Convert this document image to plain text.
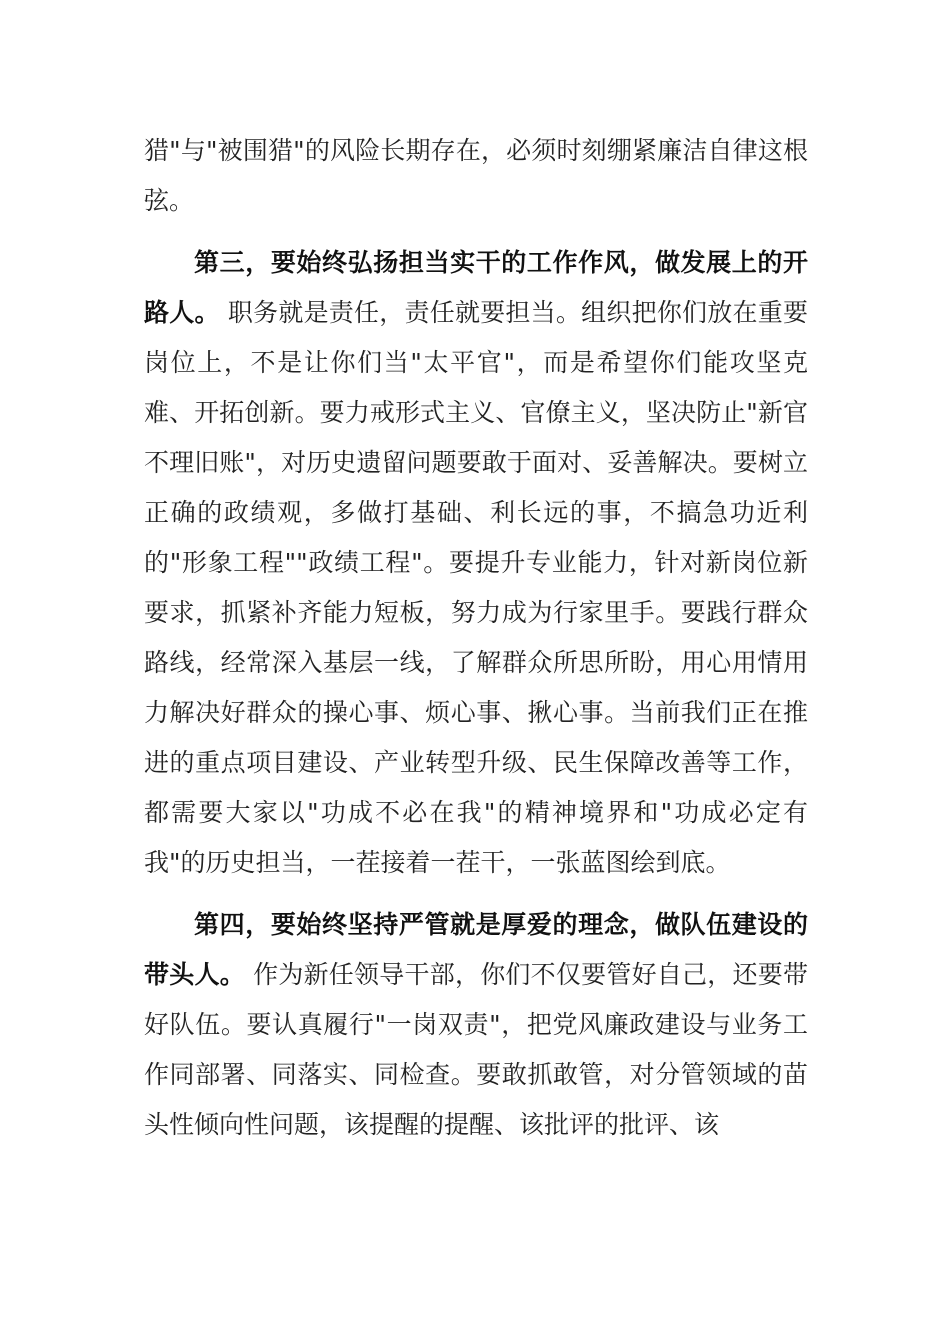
猎"与"被围猎"的风险长期存在，必须时刻绷紧廉洁自律这根弦。

第三，要始终弘扬担当实干的工作作风，做发展上的开路人。 职务就是责任，责任就要担当。组织把你们放在重要岗位上，不是让你们当"太平官"，而是希望你们能攻坚克难、开拓创新。要力戒形式主义、官僚主义，坚决防止"新官不理旧账"，对历史遗留问题要敢于面对、妥善解决。要树立正确的政绩观，多做打基础、利长远的事，不搞急功近利的"形象工程""政绩工程"。要提升专业能力，针对新岗位新要求，抓紧补齐能力短板，努力成为行家里手。要践行群众路线，经常深入基层一线，了解群众所思所盼，用心用情用力解决好群众的操心事、烦心事、揪心事。当前我们正在推进的重点项目建设、产业转型升级、民生保障改善等工作，都需要大家以"功成不必在我"的精神境界和"功成必定有我"的历史担当，一茬接着一茬干，一张蓝图绘到底。

第四，要始终坚持严管就是厚爱的理念，做队伍建设的带头人。 作为新任领导干部，你们不仅要管好自己，还要带好队伍。要认真履行"一岗双责"，把党风廉政建设与业务工作同部署、同落实、同检查。要敢抓敢管，对分管领域的苗头性倾向性问题，该提醒的提醒、该批评的批评、该
